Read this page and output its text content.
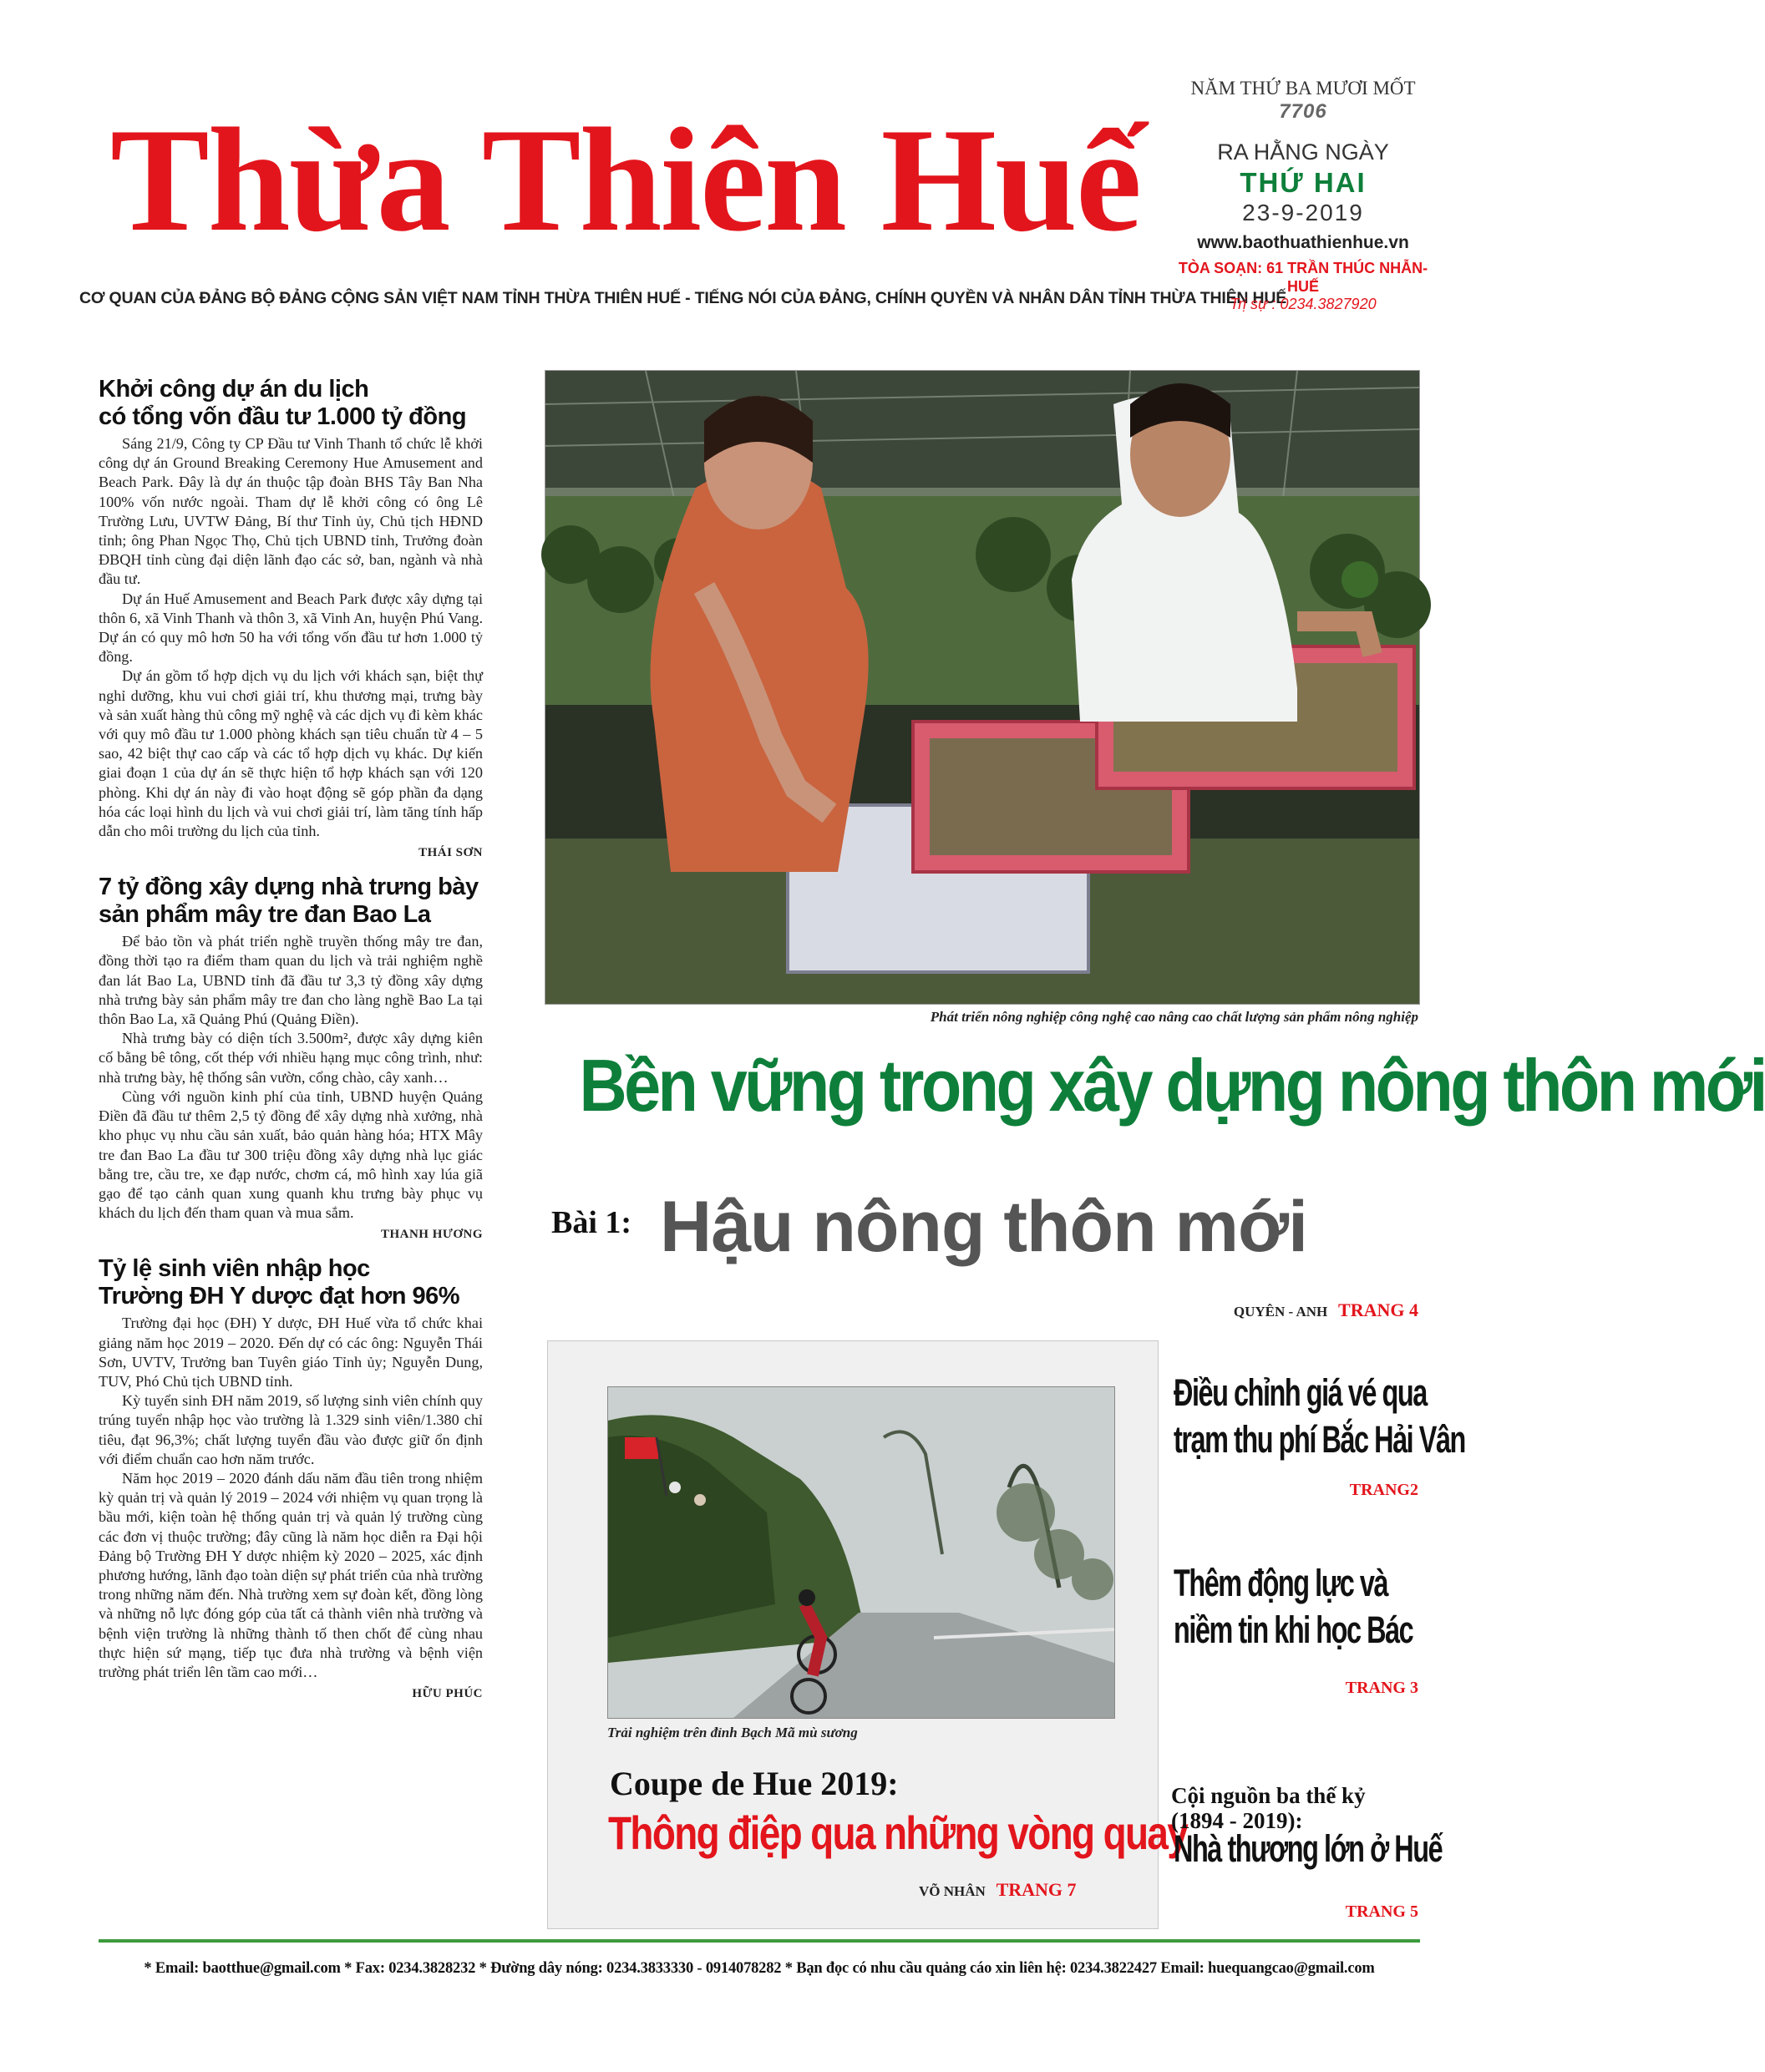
Thừa Thiên Huế
CƠ QUAN CỦA ĐẢNG BỘ ĐẢNG CỘNG SẢN VIỆT NAM TỈNH THỪA THIÊN HUẾ - TIẾNG NÓI CỦA ĐẢNG, CHÍNH QUYỀN VÀ NHÂN DÂN TỈNH THỪA THIÊN HUẾ
NĂM THỨ BA MƯƠI MỐT
7706
RA HẰNG NGÀY
THỨ HAI
23-9-2019
www.baothuathienhue.vn
TÒA SOẠN: 61 TRẦN THÚC NHẪN-HUẾ
Trị sự : 0234.3827920
Khởi công dự án du lịch
có tổng vốn đầu tư 1.000 tỷ đồng

Sáng 21/9, Công ty CP Đầu tư Vinh Thanh tổ chức lễ khởi công dự án Ground Breaking Ceremony Hue Amusement and Beach Park. Đây là dự án thuộc tập đoàn BHS Tây Ban Nha 100% vốn nước ngoài. Tham dự lễ khởi công có ông Lê Trường Lưu, UVTW Đảng, Bí thư Tỉnh ủy, Chủ tịch HĐND tỉnh; ông Phan Ngọc Thọ, Chủ tịch UBND tỉnh, Trưởng đoàn ĐBQH tỉnh cùng đại diện lãnh đạo các sở, ban, ngành và nhà đầu tư.

Dự án Huế Amusement and Beach Park được xây dựng tại thôn 6, xã Vinh Thanh và thôn 3, xã Vinh An, huyện Phú Vang. Dự án có quy mô hơn 50 ha với tổng vốn đầu tư hơn 1.000 tỷ đồng.

Dự án gồm tổ hợp dịch vụ du lịch với khách sạn, biệt thự nghỉ dưỡng, khu vui chơi giải trí, khu thương mại, trưng bày và sản xuất hàng thủ công mỹ nghệ và các dịch vụ đi kèm khác với quy mô đầu tư 1.000 phòng khách sạn tiêu chuẩn từ 4 – 5 sao, 42 biệt thự cao cấp và các tổ hợp dịch vụ khác. Dự kiến giai đoạn 1 của dự án sẽ thực hiện tổ hợp khách sạn với 120 phòng. Khi dự án này đi vào hoạt động sẽ góp phần đa dạng hóa các loại hình du lịch và vui chơi giải trí, làm tăng tính hấp dẫn cho môi trường du lịch của tỉnh.

THÁI SƠN
7 tỷ đồng xây dựng nhà trưng bày
sản phẩm mây tre đan Bao La

Để bảo tồn và phát triển nghề truyền thống mây tre đan, đồng thời tạo ra điểm tham quan du lịch và trải nghiệm nghề đan lát Bao La, UBND tỉnh đã đầu tư 3,3 tỷ đồng xây dựng nhà trưng bày sản phẩm mây tre đan cho làng nghề Bao La tại thôn Bao La, xã Quảng Phú (Quảng Điền).

Nhà trưng bày có diện tích 3.500m², được xây dựng kiên cố bằng bê tông, cốt thép với nhiều hạng mục công trình, như: nhà trưng bày, hệ thống sân vườn, cổng chào, cây xanh…

Cùng với nguồn kinh phí của tỉnh, UBND huyện Quảng Điền đã đầu tư thêm 2,5 tỷ đồng để xây dựng nhà xưởng, nhà kho phục vụ nhu cầu sản xuất, bảo quản hàng hóa; HTX Mây tre đan Bao La đầu tư 300 triệu đồng xây dựng nhà lục giác bằng tre, cầu tre, xe đạp nước, chơm cá, mô hình xay lúa giã gạo để tạo cảnh quan xung quanh khu trưng bày phục vụ khách du lịch đến tham quan và mua sắm.

THANH HƯƠNG
Tỷ lệ sinh viên nhập học
Trường ĐH Y dược đạt hơn 96%

Trường đại học (ĐH) Y dược, ĐH Huế vừa tổ chức khai giảng năm học 2019 – 2020. Đến dự có các ông: Nguyễn Thái Sơn, UVTV, Trưởng ban Tuyên giáo Tỉnh ủy; Nguyễn Dung, TUV, Phó Chủ tịch UBND tỉnh.

Kỳ tuyển sinh ĐH năm 2019, số lượng sinh viên chính quy trúng tuyển nhập học vào trường là 1.329 sinh viên/1.380 chỉ tiêu, đạt 96,3%; chất lượng tuyển đầu vào được giữ ổn định với điểm chuẩn cao hơn năm trước.

Năm học 2019 – 2020 đánh dấu năm đầu tiên trong nhiệm kỳ quản trị và quản lý 2019 – 2024 với nhiệm vụ quan trọng là bầu mới, kiện toàn hệ thống quản trị và quản lý trường cùng các đơn vị thuộc trường; đây cũng là năm học diễn ra Đại hội Đảng bộ Trường ĐH Y dược nhiệm kỳ 2020 – 2025, xác định phương hướng, lãnh đạo toàn diện sự phát triển của nhà trường trong những năm đến. Nhà trường xem sự đoàn kết, đồng lòng và những nỗ lực đóng góp của tất cả thành viên nhà trường và bệnh viện trường là những thành tố then chốt để cùng nhau thực hiện sứ mạng, tiếp tục đưa nhà trường và bệnh viện trường phát triển lên tầm cao mới…

HỮU PHÚC
Phát triển nông nghiệp công nghệ cao nâng cao chất lượng sản phẩm nông nghiệp
Bền vững trong xây dựng nông thôn mới
Bài 1: Hậu nông thôn mới
QUYÊN - ANH TRANG 4
Trải nghiệm trên đỉnh Bạch Mã mù sương
Coupe de Hue 2019:
Thông điệp qua những vòng quay
VÕ NHÂN TRANG 7
Điều chỉnh giá vé qua
trạm thu phí Bắc Hải Vân
TRANG2
Thêm động lực và
niềm tin khi học Bác
TRANG 3
Cội nguồn ba thế kỷ
(1894 - 2019):
Nhà thương lớn ở Huế
TRANG 5
* Email: baotthue@gmail.com * Fax: 0234.3828232 * Đường dây nóng: 0234.3833330 - 0914078282 * Bạn đọc có nhu cầu quảng cáo xin liên hệ: 0234.3822427 Email: huequangcao@gmail.com
